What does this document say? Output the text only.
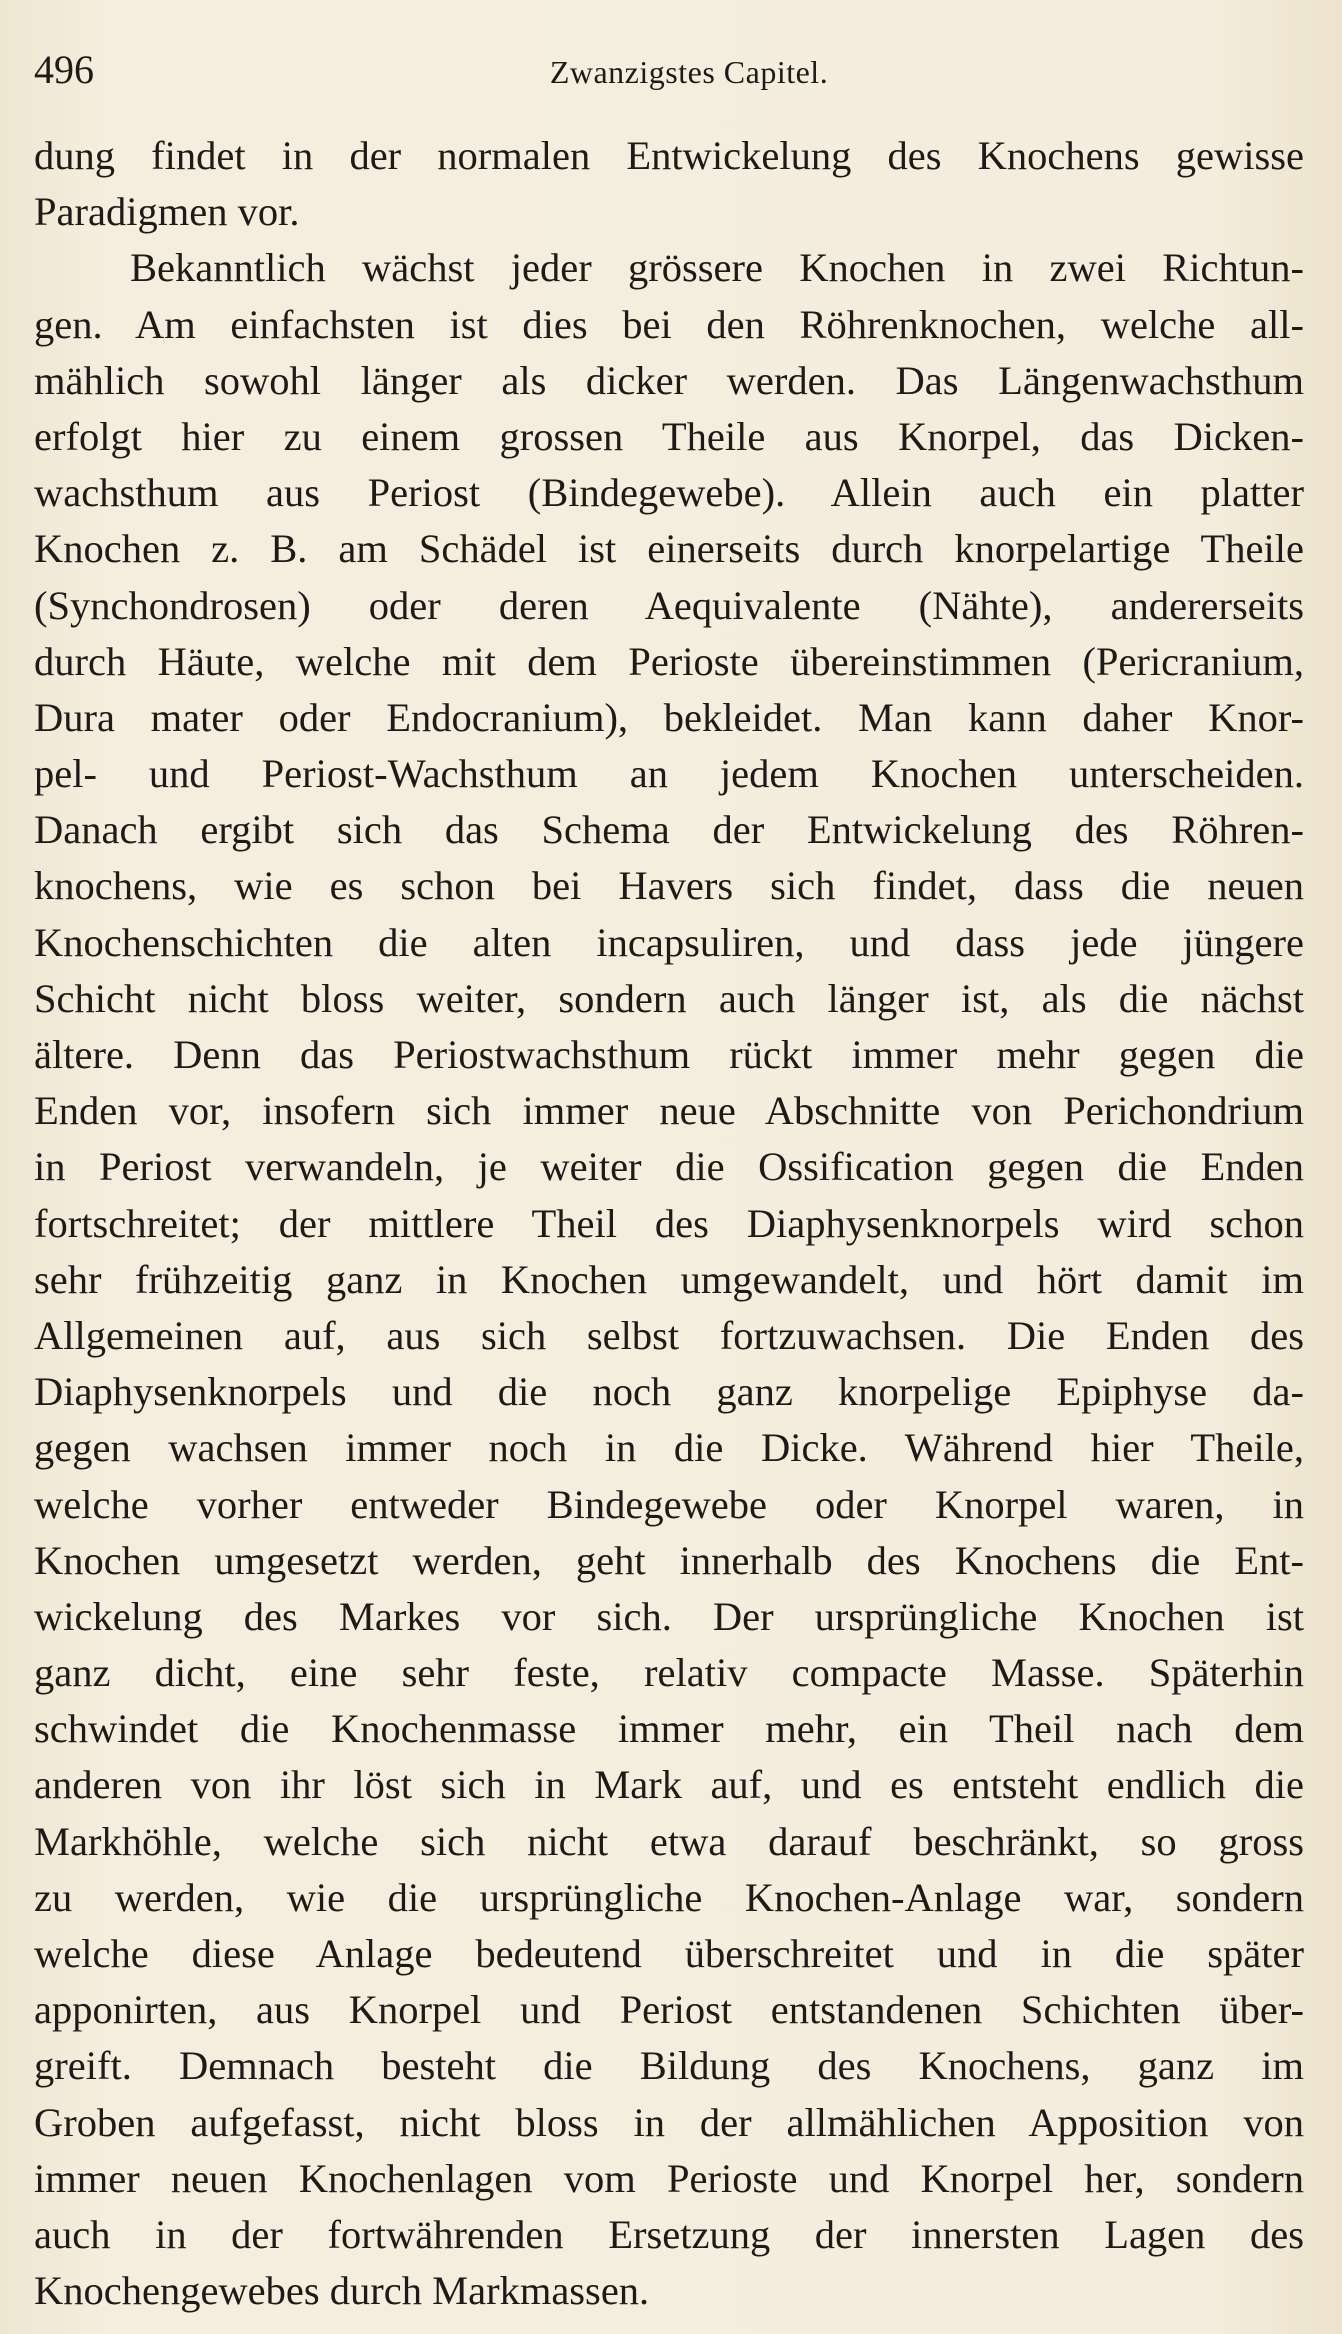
496	Zwanzigstes Capitel.
dung findet in der normalen Entwickelung des Knochens gewisse
Paradigmen vor.
Bekanntlich wächst jeder grössere Knochen in zwei Richtun-
gen. Am einfachsten ist dies bei den Röhrenknochen, welche all-
mählich sowohl länger als dicker werden. Das Längenwachsthum
erfolgt hier zu einem grossen Theile aus Knorpel, das Dicken-
wachsthum aus Periost (Bindegewebe). Allein auch ein platter
Knochen z. B. am Schädel ist einerseits durch knorpelartige Theile
(Synchondrosen) oder deren Aequivalente (Nähte), andererseits
durch Häute, welche mit dem Perioste übereinstimmen (Pericranium,
Dura mater oder Endocranium), bekleidet. Man kann daher Knor-
pel- und Periost-Wachsthum an jedem Knochen unterscheiden.
Danach ergibt sich das Schema der Entwickelung des Röhren-
knochens, wie es schon bei Havers sich findet, dass die neuen
Knochenschichten die alten incapsuliren, und dass jede jüngere
Schicht nicht bloss weiter, sondern auch länger ist, als die nächst
ältere. Denn das Periostwachsthum rückt immer mehr gegen die
Enden vor, insofern sich immer neue Abschnitte von Perichondrium
in Periost verwandeln, je weiter die Ossification gegen die Enden
fortschreitet; der mittlere Theil des Diaphysenknorpels wird schon
sehr frühzeitig ganz in Knochen umgewandelt, und hört damit im
Allgemeinen auf, aus sich selbst fortzuwachsen. Die Enden des
Diaphysenknorpels und die noch ganz knorpelige Epiphyse da-
gegen wachsen immer noch in die Dicke. Während hier Theile,
welche vorher entweder Bindegewebe oder Knorpel waren, in
Knochen umgesetzt werden, geht innerhalb des Knochens die Ent-
wickelung des Markes vor sich. Der ursprüngliche Knochen ist
ganz dicht, eine sehr feste, relativ compacte Masse. Späterhin
schwindet die Knochenmasse immer mehr, ein Theil nach dem
anderen von ihr löst sich in Mark auf, und es entsteht endlich die
Markhöhle, welche sich nicht etwa darauf beschränkt, so gross
zu werden, wie die ursprüngliche Knochen-Anlage war, sondern
welche diese Anlage bedeutend überschreitet und in die später
apponirten, aus Knorpel und Periost entstandenen Schichten über-
greift. Demnach besteht die Bildung des Knochens, ganz im
Groben aufgefasst, nicht bloss in der allmählichen Apposition von
immer neuen Knochenlagen vom Perioste und Knorpel her, sondern
auch in der fortwährenden Ersetzung der innersten Lagen des
Knochengewebes durch Markmassen.
